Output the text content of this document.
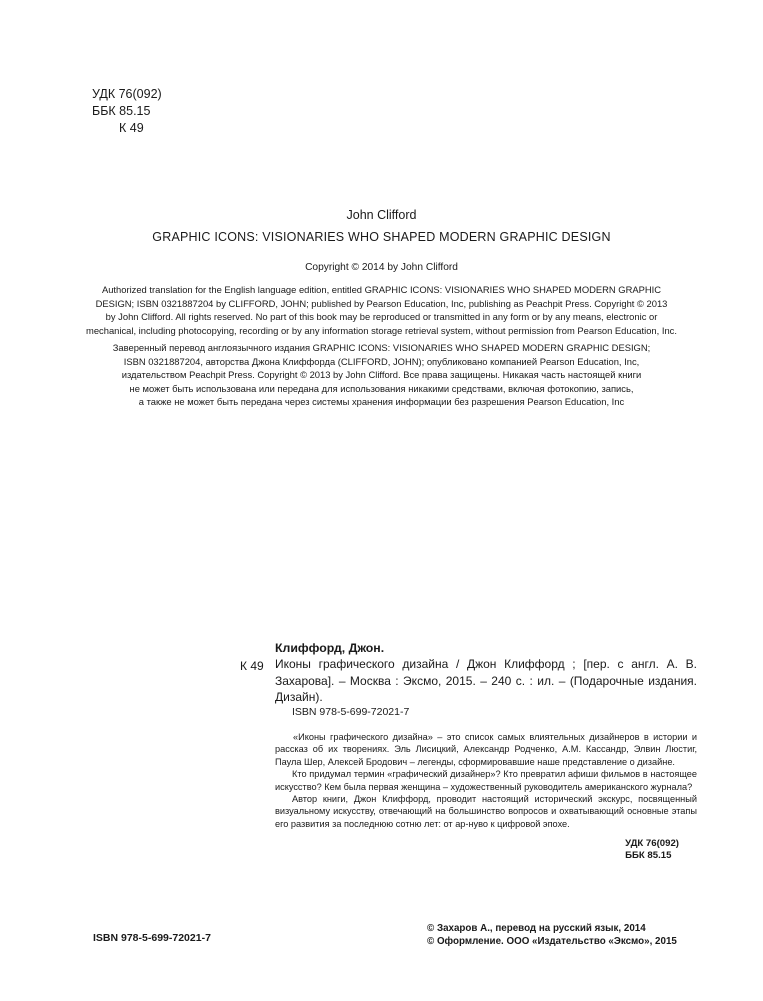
УДК 76(092)
ББК 85.15
К 49
John Clifford
GRAPHIC ICONS: VISIONARIES WHO SHAPED MODERN GRAPHIC DESIGN
Copyright © 2014 by John Clifford
Authorized translation for the English language edition, entitled GRAPHIC ICONS: VISIONARIES WHO SHAPED MODERN GRAPHIC
DESIGN; ISBN 0321887204 by CLIFFORD, JOHN; published by Pearson Education, Inc, publishing as Peachpit Press. Copyright © 2013
by John Clifford. All rights reserved. No part of this book may be reproduced or transmitted in any form or by any means, electronic or
mechanical, including photocopying, recording or by any information storage retrieval system, without permission from Pearson Education, Inc.
Заверенный перевод англоязычного издания GRAPHIC ICONS: VISIONARIES WHO SHAPED MODERN GRAPHIC DESIGN;
ISBN 0321887204, авторства Джона Клиффорда (CLIFFORD, JOHN); опубликовано компанией Pearson Education, Inc,
издательством Peachpit Press. Copyright © 2013 by John Clifford. Все права защищены. Никакая часть настоящей книги
не может быть использована или передана для использования никакими средствами, включая фотокопию, запись,
а также не может быть передана через системы хранения информации без разрешения Pearson Education, Inc
К 49
Клиффорд, Джон.
Иконы графического дизайна / Джон Клиффорд ; [пер. с англ. А. В. Захарова]. – Москва : Эксмо, 2015. – 240 с. : ил. – (Подарочные издания. Дизайн).
ISBN 978-5-699-72021-7

«Иконы графического дизайна» – это список самых влиятельных дизайнеров в истории и рассказ об их творениях. Эль Лисицкий, Александр Родченко, А.М. Кассандр, Элвин Люстиг, Паула Шер, Алексей Бродович – легенды, сформировавшие наше представление о дизайне.

Кто придумал термин «графический дизайнер»? Кто превратил афиши фильмов в настоящее искусство? Кем была первая женщина – художественный руководитель американского журнала?

Автор книги, Джон Клиффорд, проводит настоящий исторический экскурс, посвященный визуальному искусству, отвечающий на большинство вопросов и охватывающий основные этапы его развития за последнюю сотню лет: от ар-нуво к цифровой эпохе.

УДК 76(092)
ББК 85.15
ISBN 978-5-699-72021-7
© Захаров А., перевод на русский язык, 2014
© Оформление. ООО «Издательство «Эксмо», 2015
